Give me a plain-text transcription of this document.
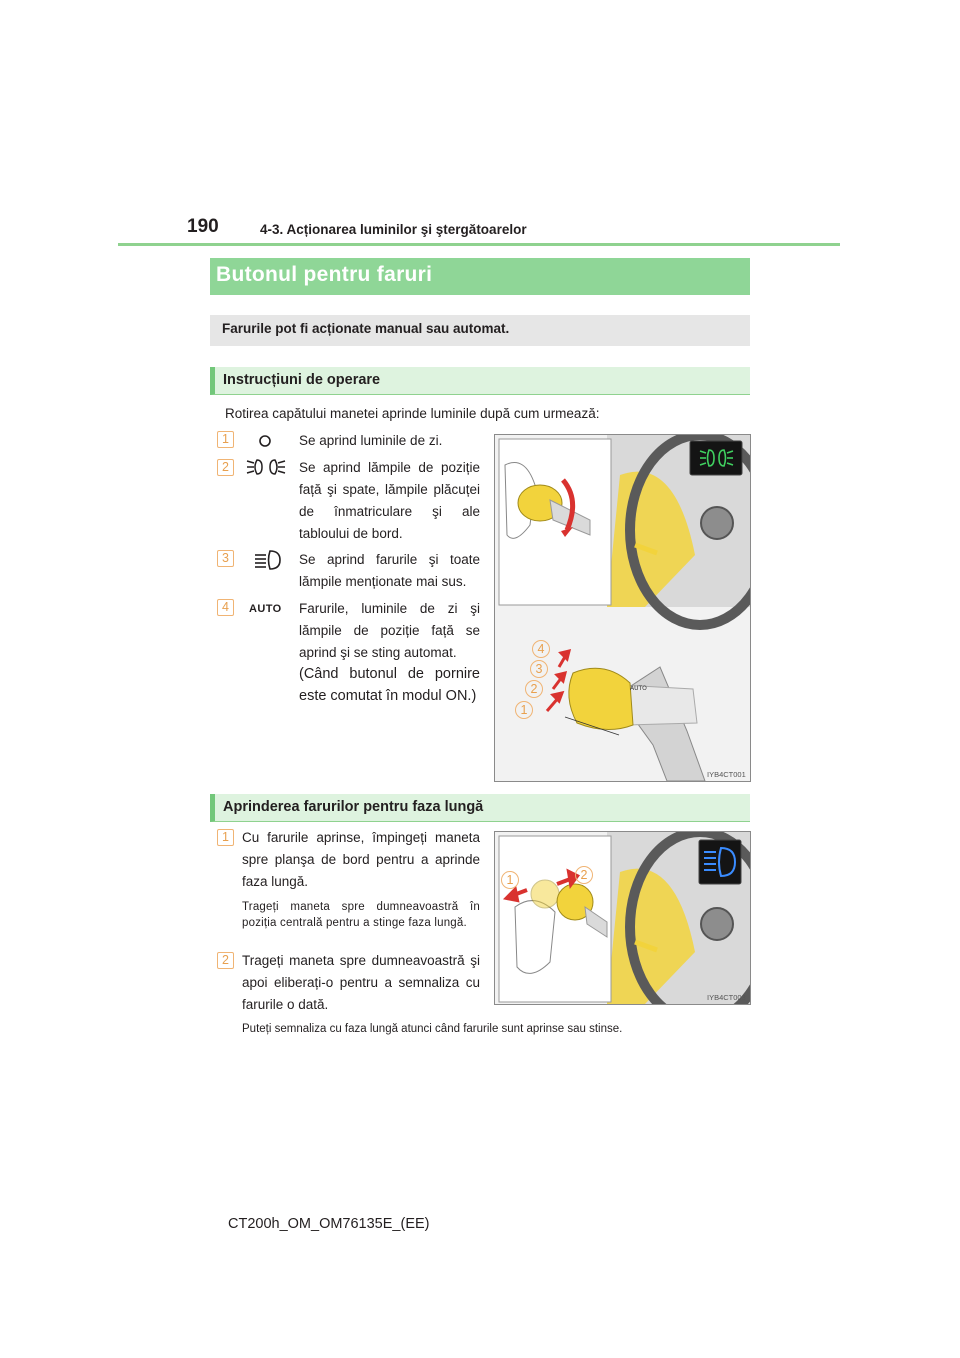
190	4-3. Acționarea luminilor şi ştergătoarelor
Butonul pentru faruri
Farurile pot fi acționate manual sau automat.
Instrucțiuni de operare
Rotirea capătului manetei aprinde luminile după cum urmează:
1	Se aprind luminile de zi.
2	Se aprind lămpile de poziție față şi spate, lămpile plăcuței de înmatriculare şi ale tabloului de bord.
3	Se aprind farurile şi toate lămpile menționate mai sus.
4	AUTO Farurile, luminile de zi şi lămpile de poziție față se aprind şi se sting automat.
(Când butonul de pornire este comutat în modul ON.)	AUTO
4
3
2
1
IYB4CT001
Aprinderea farurilor pentru faza lungă
1 Cu farurile aprinse, împingeți maneta spre planşa de bord pentru a aprinde faza lungă.
Trageți maneta spre dumneavoastră în poziția centrală pentru a stinge faza lungă.
2 Trageți maneta spre dumneavoastră şi apoi eliberați-o pentru a semnaliza cu farurile o dată.
Puteți semnaliza cu faza lungă atunci când farurile sunt aprinse sau stinse.
1	2
IYB4CT003
CT200h_OM_OM76135E_(EE)
